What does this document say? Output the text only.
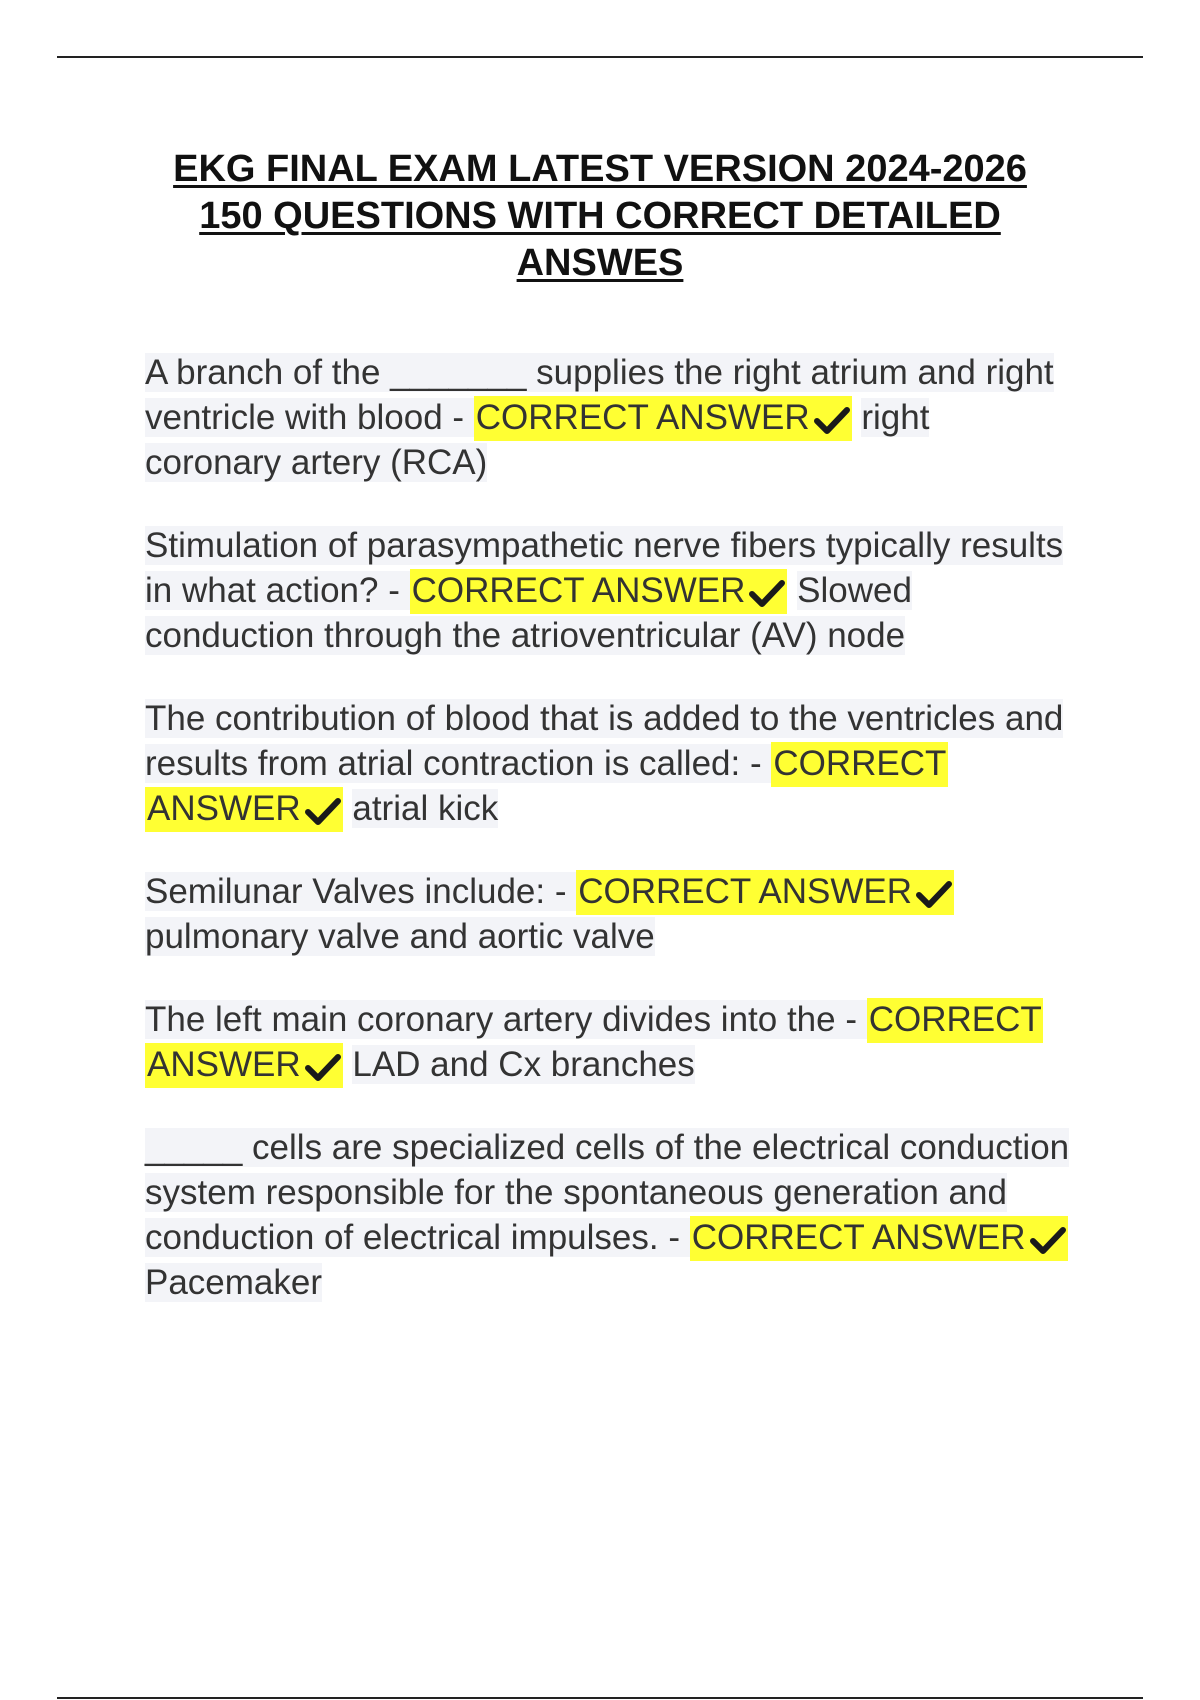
EKG FINAL EXAM LATEST VERSION 2024-2026
150 QUESTIONS WITH CORRECT DETAILED
ANSWES
A branch of the _______ supplies the right atrium and right ventricle with blood - CORRECT ANSWER right coronary artery (RCA)
Stimulation of parasympathetic nerve fibers typically results in what action? - CORRECT ANSWER Slowed conduction through the atrioventricular (AV) node
The contribution of blood that is added to the ventricles and results from atrial contraction is called: - CORRECT ANSWER atrial kick
Semilunar Valves include: - CORRECT ANSWER
pulmonary valve and aortic valve
The left main coronary artery divides into the - CORRECT ANSWER LAD and Cx branches
_____ cells are specialized cells of the electrical conduction system responsible for the spontaneous generation and conduction of electrical impulses. - CORRECT ANSWER
Pacemaker
